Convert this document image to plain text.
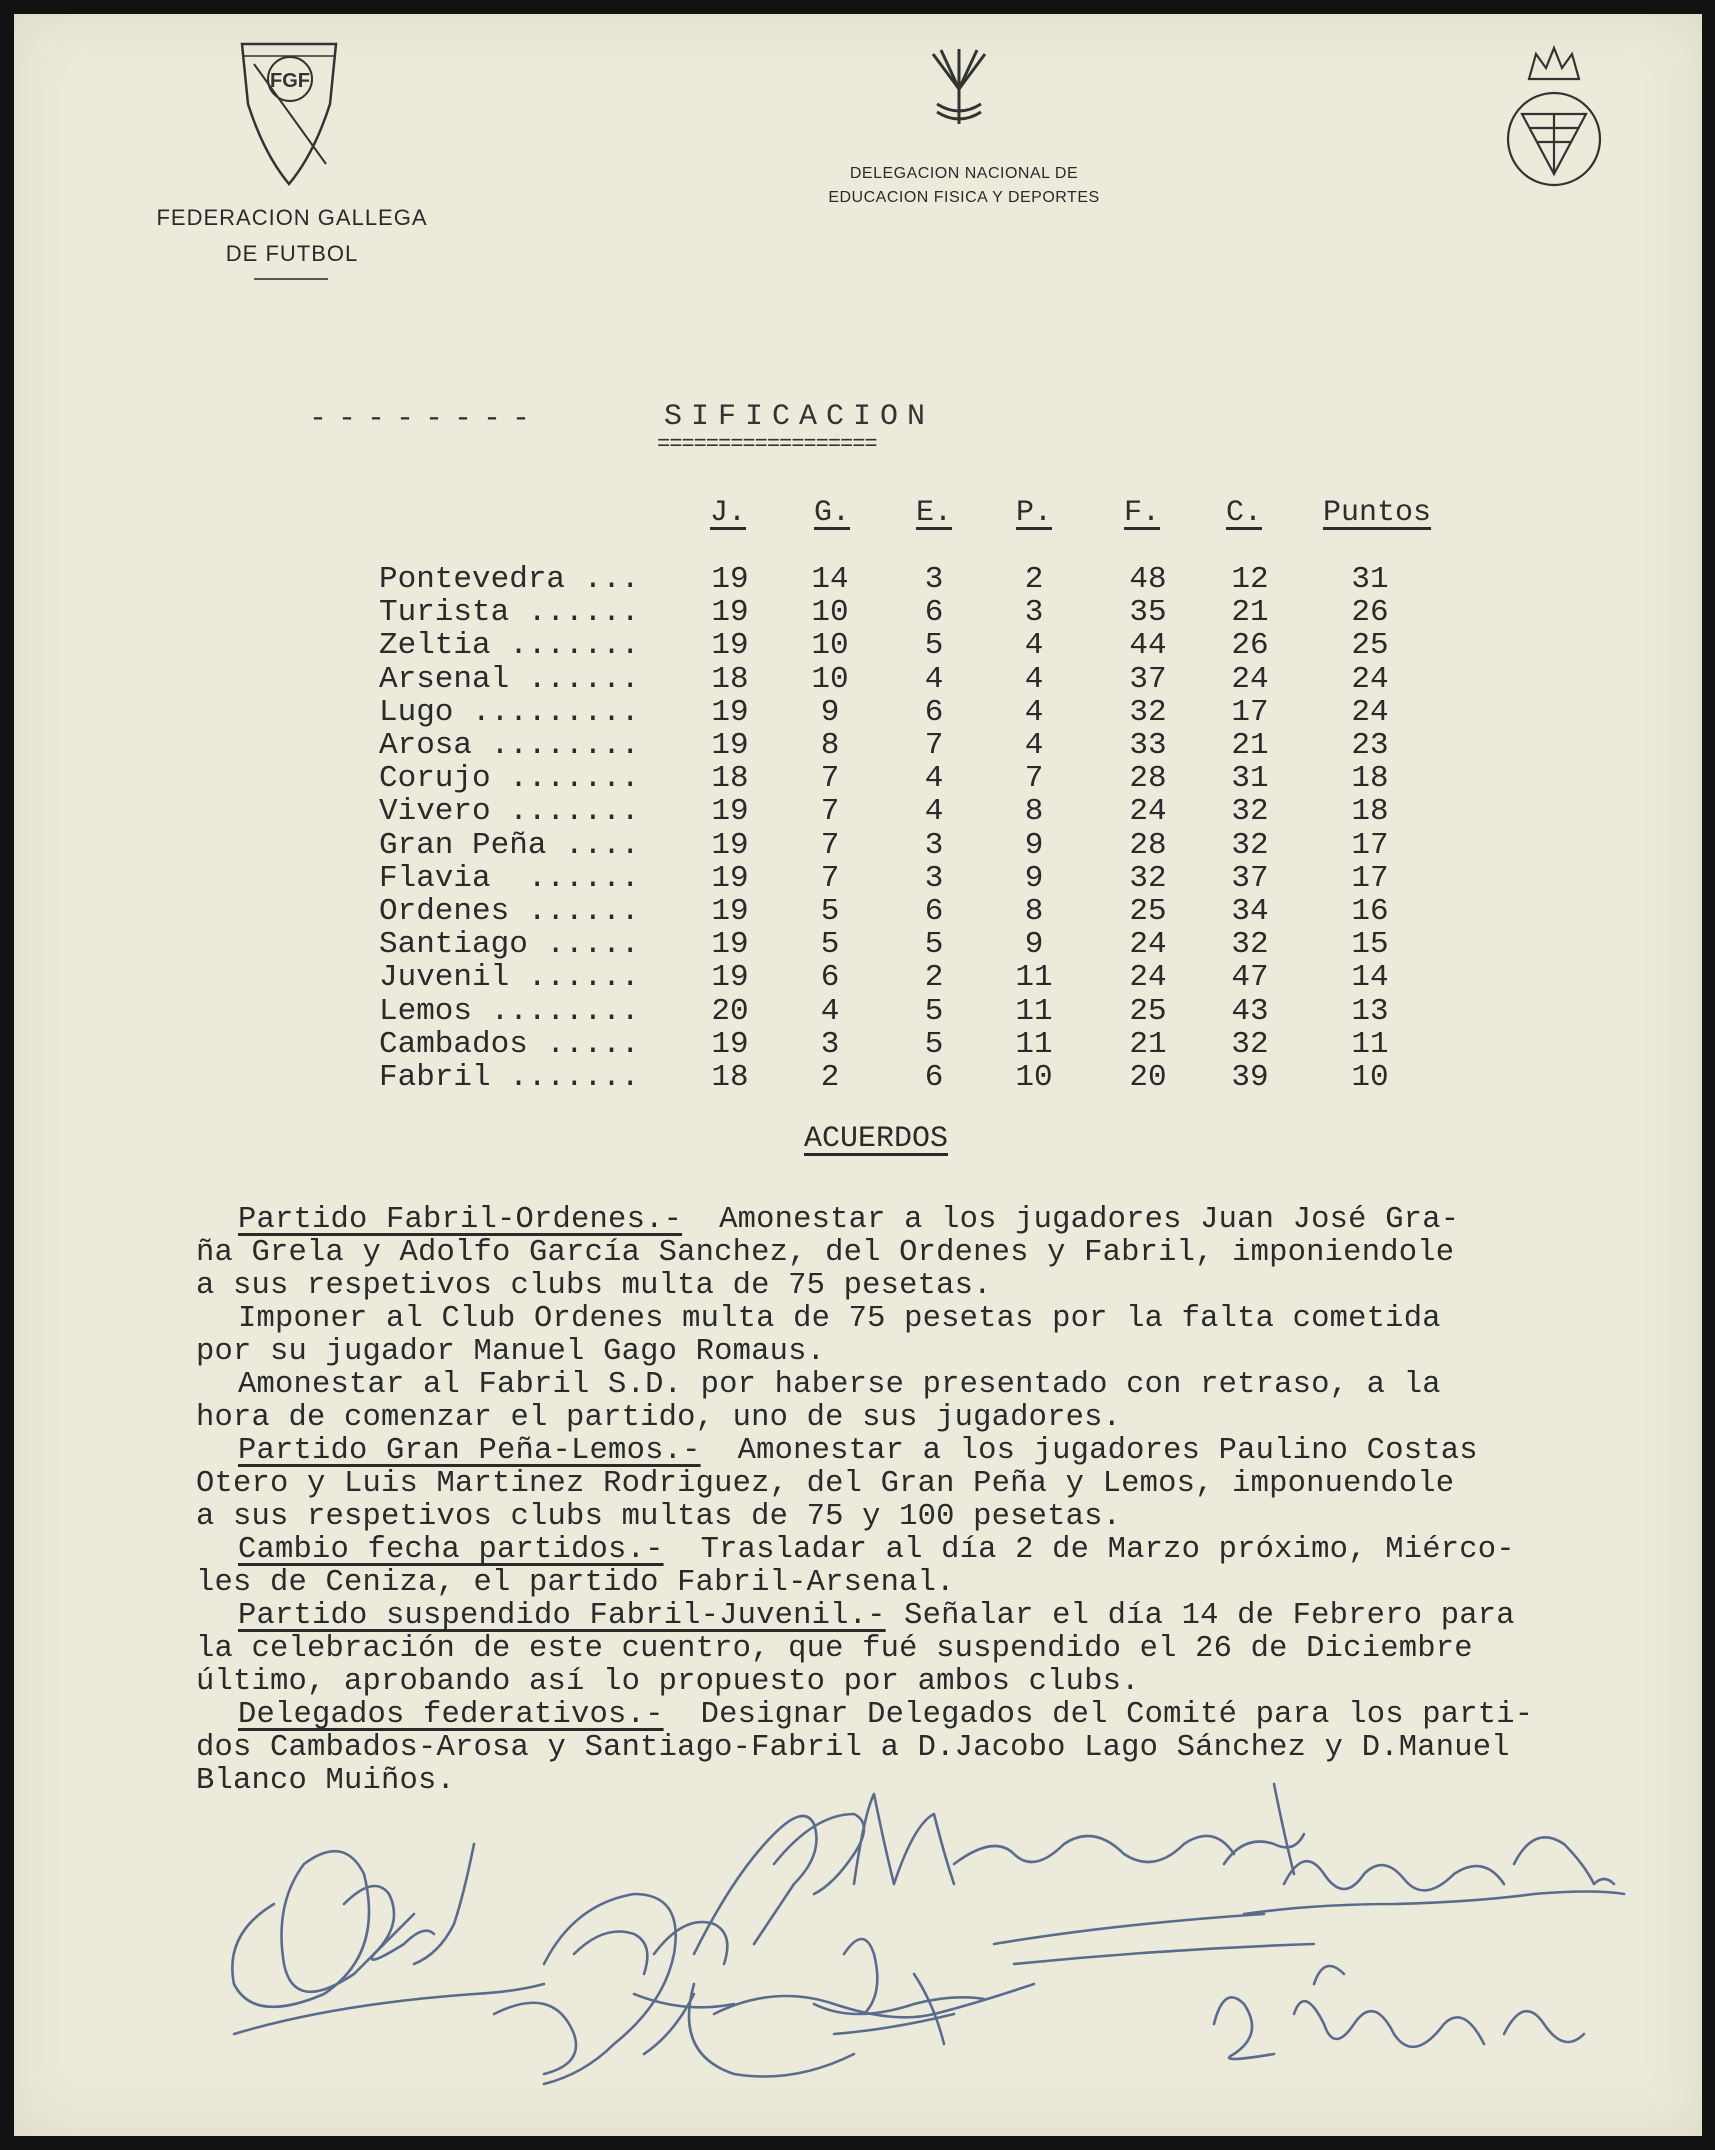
FGF
FEDERACION GALLEGA
DE FUTBOL
DELEGACION NACIONAL DE
EDUCACION FISICA Y DEPORTES
--------	SIFICACION
==================
J.	G.	E.	P.	F.	C.	Puntos
Pontevedra ...	19	14	3	2	48	12	31
Turista ......	19	10	6	3	35	21	26
Zeltia .......	19	10	5	4	44	26	25
Arsenal ......	18	10	4	4	37	24	24
Lugo .........	19	9	6	4	32	17	24
Arosa ........	19	8	7	4	33	21	23
Corujo .......	18	7	4	7	28	31	18
Vivero .......	19	7	4	8	24	32	18
Gran Peña ....	19	7	3	9	28	32	17
Flavia  ......	19	7	3	9	32	37	17
Ordenes ......	19	5	6	8	25	34	16
Santiago .....	19	5	5	9	24	32	15
Juvenil ......	19	6	2	11	24	47	14
Lemos ........	20	4	5	11	25	43	13
Cambados .....	19	3	5	11	21	32	11
Fabril .......	18	2	6	10	20	39	10
ACUERDOS
Partido Fabril-Ordenes.-  Amonestar a los jugadores Juan José Gra-
ña Grela y Adolfo García Sanchez, del Ordenes y Fabril, imponiendole
a sus respetivos clubs multa de 75 pesetas.
Imponer al Club Ordenes multa de 75 pesetas por la falta cometida
por su jugador Manuel Gago Romaus.
Amonestar al Fabril S.D. por haberse presentado con retraso, a la
hora de comenzar el partido, uno de sus jugadores.
Partido Gran Peña-Lemos.-  Amonestar a los jugadores Paulino Costas
Otero y Luis Martinez Rodriguez, del Gran Peña y Lemos, imponuendole
a sus respetivos clubs multas de 75 y 100 pesetas.
Cambio fecha partidos.-  Trasladar al día 2 de Marzo próximo, Miérco-
les de Ceniza, el partido Fabril-Arsenal.
Partido suspendido Fabril-Juvenil.- Señalar el día 14 de Febrero para
la celebración de este cuentro, que fué suspendido el 26 de Diciembre
último, aprobando así lo propuesto por ambos clubs.
Delegados federativos.-  Designar Delegados del Comité para los parti-
dos Cambados-Arosa y Santiago-Fabril a D.Jacobo Lago Sánchez y D.Manuel
Blanco Muiños.
